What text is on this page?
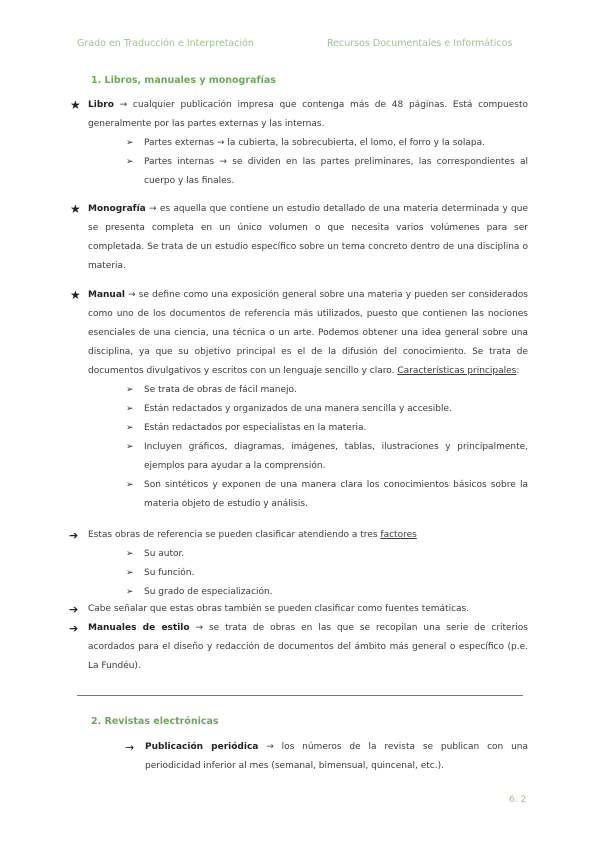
Grado en Traducción e Interpretación	Recursos Documentales e Informáticos
1. Libros, manuales y monografías
★ Libro → cualquier publicación impresa que contenga más de 48 páginas. Está compuesto generalmente por las partes externas y las internas.

➢ Partes externas → la cubierta, la sobrecubierta, el lomo, el forro y la solapa.
➢ Partes internas → se dividen en las partes preliminares, las correspondientes al cuerpo y las finales.
★ Monografía → es aquella que contiene un estudio detallado de una materia determinada y que se presenta completa en un único volumen o que necesita varios volúmenes para ser completada. Se trata de un estudio específico sobre un tema concreto dentro de una disciplina o materia.

★ Manual → se define como una exposición general sobre una materia y pueden ser considerados como uno de los documentos de referencia más utilizados, puesto que contienen las nociones esenciales de una ciencia, una técnica o un arte. Podemos obtener una idea general sobre una disciplina, ya que su objetivo principal es el de la difusión del conocimiento. Se trata de documentos divulgativos y escritos con un lenguaje sencillo y claro. Características principales:

➢ Se trata de obras de fácil manejo.
➢ Están redactados y organizados de una manera sencilla y accesible.
➢ Están redactados por especialistas en la materia.
➢ Incluyen gráficos, diagramas, imágenes, tablas, ilustraciones y principalmente, ejemplos para ayudar a la comprensión.
➢ Son sintéticos y exponen de una manera clara los conocimientos básicos sobre la materia objeto de estudio y análisis.
➔ Estas obras de referencia se pueden clasificar atendiendo a tres factores

➢ Su autor.
➢ Su función.
➢ Su grado de especialización.
➔ Cabe señalar que estas obras también se pueden clasificar como fuentes temáticas.

➔ Manuales de estilo → se trata de obras en las que se recopilan una serie de criterios acordados para el diseño y redacción de documentos del ámbito más general o específico (p.e. La Fundéu).

2. Revistas electrónicas
→ Publicación periódica → los números de la revista se publican con una periodicidad inferior al mes (semanal, bimensual, quincenal, etc.).

6. 2
